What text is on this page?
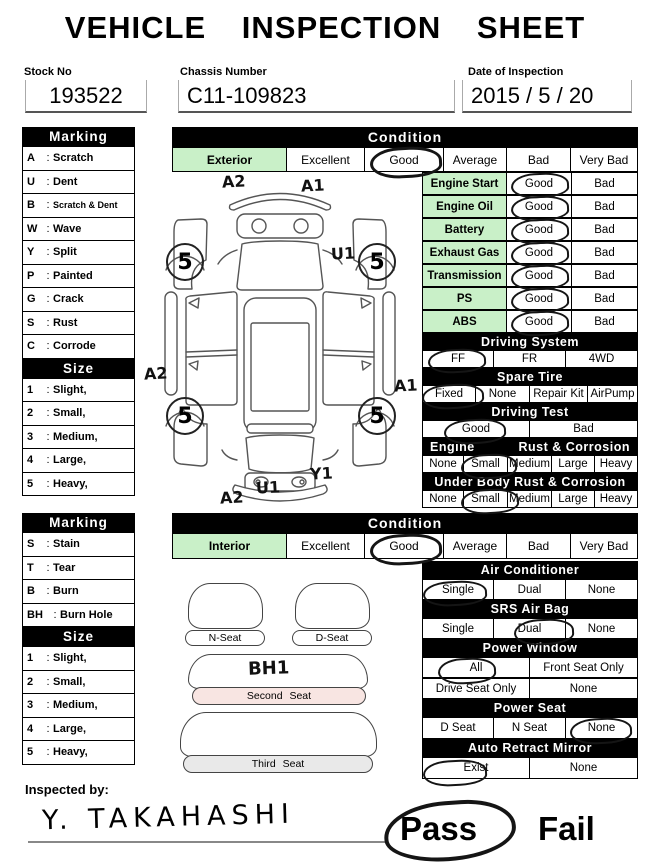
VEHICLE INSPECTION SHEET
Stock No
193522
Chassis Number
C11-109823
Date of Inspection
2015 / 5 / 20
Marking
A	: Scratch
U	: Dent
B	: Scratch & Dent
W : Wave
Y	: Split
P	: Painted
G : Crack
S	: Rust
C	: Corrode
Size
1	: Slight,
2	: Small,
3	: Medium,
4	: Large,
5	: Heavy,
Condition
Exterior	Excellent	Good	Average	Bad	Very Bad
Engine Start	Good	Bad
Engine Oil	Good	Bad
Battery	Good	Bad
Exhaust Gas	Good	Bad
Transmission	Good	Bad
PS	Good	Bad
ABS	Good	Bad
Driving System
FF	FR	4WD
Spare Tire
Fixed	None	Repair Kit AirPump
Driving Test
Good	Bad
Engine	Rust & Corrosion
None	Small Medium Large	Heavy
Under Body Rust & Corrosion
None	Small Medium Large	Heavy
A2	A1
U1
5	5
A2
A1
5	5
Y1
U1
A2
Marking
S	: Stain
T	: Tear
B	: Burn
BH : Burn Hole
Size
1	: Slight,
2	: Small,
3	: Medium,
4	: Large,
5	: Heavy,
Condition
Interior	Excellent	Good	Average	Bad	Very Bad
Air Conditioner
Single	Dual	None
SRS Air Bag
Single	Dual	None
Power Window
All	Front Seat Only
Drive Seat Only	None
Power Seat
D Seat	N Seat	None
Auto Retract Mirror
Exist	None
N-Seat	D-Seat
BH1
Second Seat
Third Seat
Inspected by:
Y. TAKAHASHI	Pass Fail
